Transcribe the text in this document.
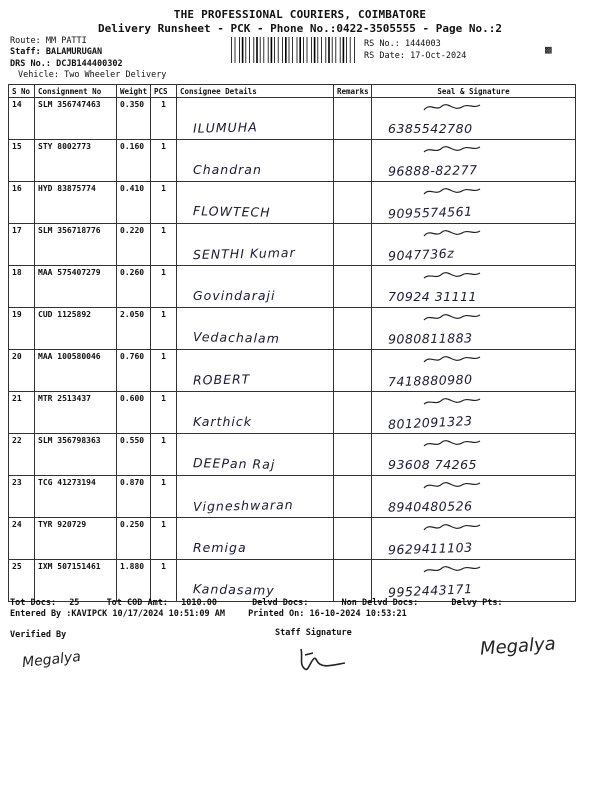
THE PROFESSIONAL COURIERS, COIMBATORE
Delivery Runsheet - PCK - Phone No.:0422-3505555 - Page No.:2
Route: MM PATTI
Staff: BALAMURUGAN
DRS No.: DCJB144400302
Vehicle: Two Wheeler Delivery
RS No.: 1444003
RS Date: 17-Oct-2024	▩
S No	Consignment No	Weight	PCS	Consignee Details	Remarks	Seal & Signature
14	SLM 356747463	0.350	1	ILUMUHA		6385542780

15	STY 8002773	0.160	1	Chandran		96888-82277

16	HYD 83875774	0.410	1	FLOWTECH		9095574561

17	SLM 356718776	0.220	1	SENTHI Kumar		9047736z

18	MAA 575407279	0.260	1	Govindaraji		70924 31111

19	CUD 1125892	2.050	1	Vedachalam		9080811883

20	MAA 100580046	0.760	1	ROBERT		7418880980

21	MTR 2513437	0.600	1	Karthick		8012091323

22	SLM 356798363	0.550	1	DEEPan Raj		93608 74265

23	TCG 41273194	0.870	1	Vigneshwaran		8940480526

24	TYR 920729	0.250	1	Remiga		9629411103

25	IXM 507151461	1.880	1	Kandasamy		9952443171
Tot Docs: 25	Tot COD Amt: 1010.00	Delvd Docs:	Non Delvd Docs:	Delvy Pts:
Entered By :KAVIPCK 10/17/2024 10:51:09 AM	Printed On: 16-10-2024 10:53:21
Verified By	Staff Signature
Megalya
Megalya
